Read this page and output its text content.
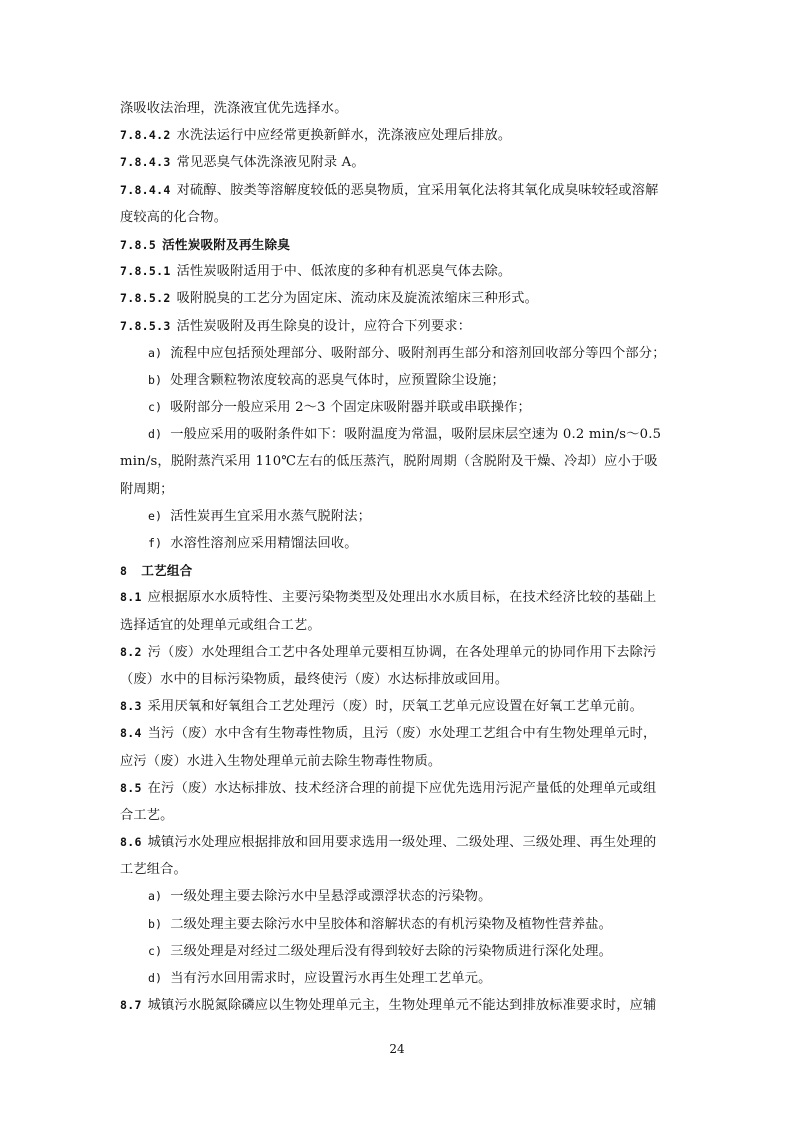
涤吸收法治理，洗涤液宜优先选择水。
7.8.4.2 水洗法运行中应经常更换新鲜水，洗涤液应处理后排放。
7.8.4.3 常见恶臭气体洗涤液见附录 A。
7.8.4.4 对硫醇、胺类等溶解度较低的恶臭物质，宜采用氧化法将其氧化成臭味较轻或溶解
度较高的化合物。
7.8.5 活性炭吸附及再生除臭
7.8.5.1 活性炭吸附适用于中、低浓度的多种有机恶臭气体去除。
7.8.5.2 吸附脱臭的工艺分为固定床、流动床及旋流浓缩床三种形式。
7.8.5.3 活性炭吸附及再生除臭的设计，应符合下列要求：
a) 流程中应包括预处理部分、吸附部分、吸附剂再生部分和溶剂回收部分等四个部分；
b) 处理含颗粒物浓度较高的恶臭气体时，应预置除尘设施；
c) 吸附部分一般应采用 2～3 个固定床吸附器并联或串联操作；
d) 一般应采用的吸附条件如下：吸附温度为常温，吸附层床层空速为 0.2 min/s～0.5
min/s，脱附蒸汽采用 110℃左右的低压蒸汽，脱附周期（含脱附及干燥、冷却）应小于吸
附周期；
e) 活性炭再生宜采用水蒸气脱附法；
f) 水溶性溶剂应采用精馏法回收。
8 工艺组合
8.1 应根据原水水质特性、主要污染物类型及处理出水水质目标，在技术经济比较的基础上
选择适宜的处理单元或组合工艺。
8.2 污（废）水处理组合工艺中各处理单元要相互协调，在各处理单元的协同作用下去除污
（废）水中的目标污染物质，最终使污（废）水达标排放或回用。
8.3 采用厌氧和好氧组合工艺处理污（废）时，厌氧工艺单元应设置在好氧工艺单元前。
8.4 当污（废）水中含有生物毒性物质，且污（废）水处理工艺组合中有生物处理单元时，
应污（废）水进入生物处理单元前去除生物毒性物质。
8.5 在污（废）水达标排放、技术经济合理的前提下应优先选用污泥产量低的处理单元或组
合工艺。
8.6 城镇污水处理应根据排放和回用要求选用一级处理、二级处理、三级处理、再生处理的
工艺组合。
a) 一级处理主要去除污水中呈悬浮或漂浮状态的污染物。
b) 二级处理主要去除污水中呈胶体和溶解状态的有机污染物及植物性营养盐。
c) 三级处理是对经过二级处理后没有得到较好去除的污染物质进行深化处理。
d) 当有污水回用需求时，应设置污水再生处理工艺单元。
8.7 城镇污水脱氮除磷应以生物处理单元主，生物处理单元不能达到排放标准要求时，应辅
24
